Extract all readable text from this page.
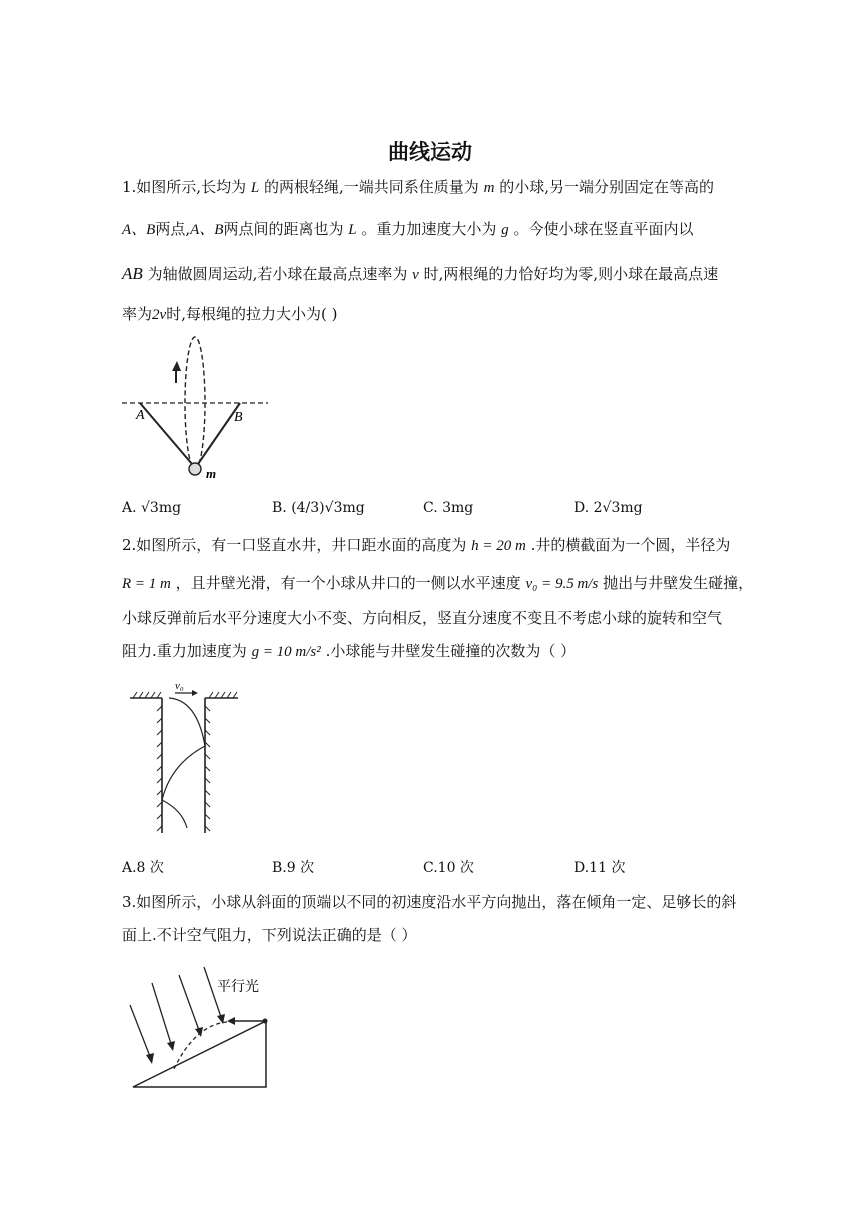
曲线运动
1.如图所示,长均为 L 的两根轻绳,一端共同系住质量为 m 的小球,另一端分别固定在等高的
A、B两点,A、B两点间的距离也为 L 。重力加速度大小为 g 。今使小球在竖直平面内以
AB 为轴做圆周运动,若小球在最高点速率为 v 时,两根绳的力恰好均为零,则小球在最高点速
率为2v时,每根绳的拉力大小为( )
A	B
m
A. √3mg	B. (4/3)√3mg	C. 3mg	D. 2√3mg
2.如图所示，有一口竖直水井，井口距水面的高度为 h = 20 m .井的横截面为一个圆，半径为
R = 1 m ，且井壁光滑，有一个小球从井口的一侧以水平速度 v₀ = 9.5 m/s 抛出与井壁发生碰撞，
小球反弹前后水平分速度大小不变、方向相反，竖直分速度不变且不考虑小球的旋转和空气
阻力.重力加速度为 g = 10 m/s² .小球能与井壁发生碰撞的次数为（ ）
v₀
A.8 次	B.9 次	C.10 次	D.11 次
3.如图所示，小球从斜面的顶端以不同的初速度沿水平方向抛出，落在倾角一定、足够长的斜
面上.不计空气阻力，下列说法正确的是（ ）
平行光
